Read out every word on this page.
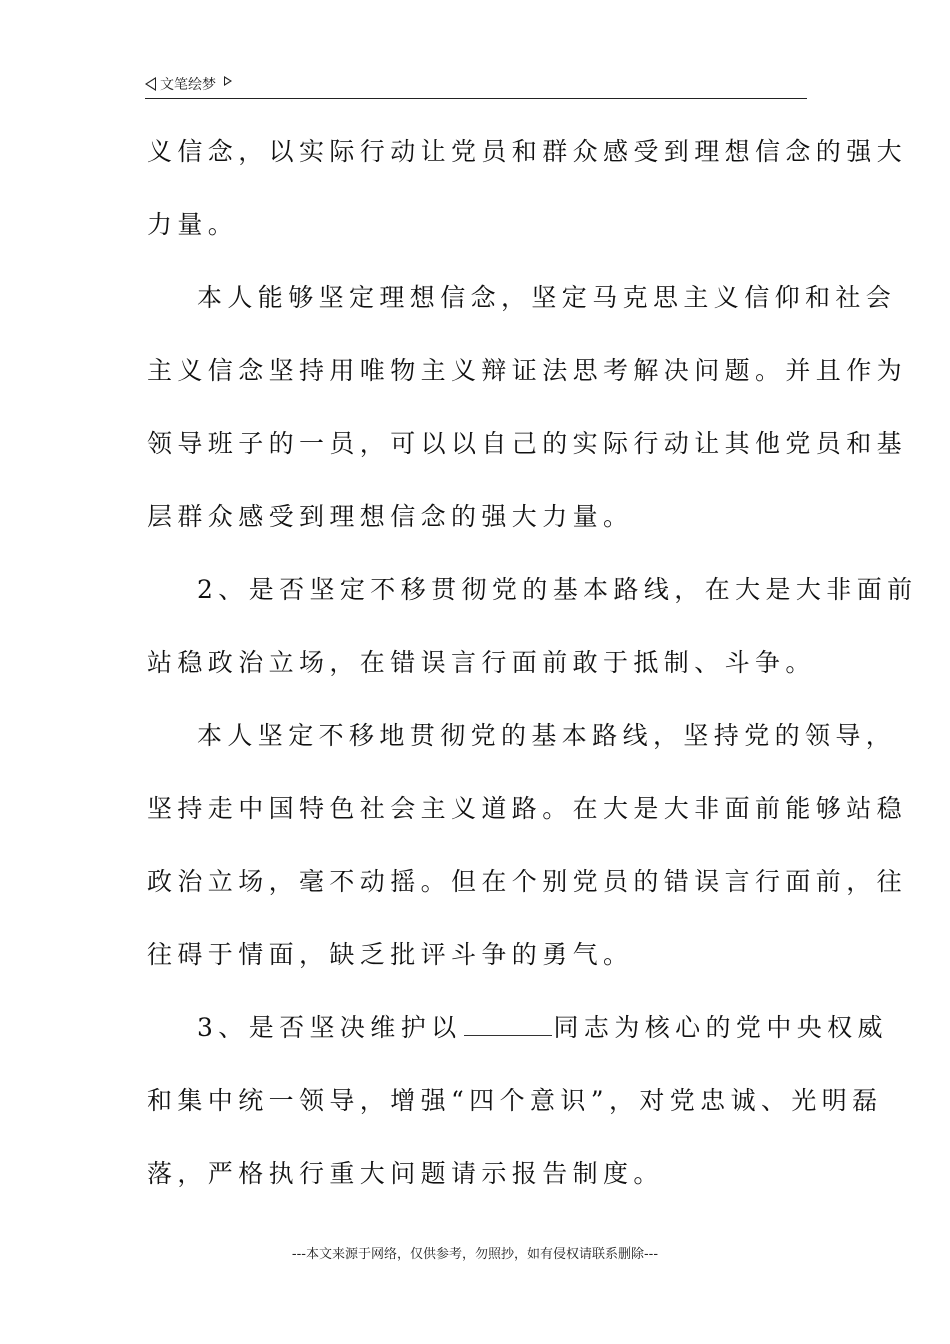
文笔绘梦
义信念，以实际行动让党员和群众感受到理想信念的强大
力量。
本人能够坚定理想信念，坚定马克思主义信仰和社会
主义信念坚持用唯物主义辩证法思考解决问题。并且作为
领导班子的一员，可以以自己的实际行动让其他党员和基
层群众感受到理想信念的强大力量。
2、是否坚定不移贯彻党的基本路线，在大是大非面前
站稳政治立场，在错误言行面前敢于抵制、斗争。
本人坚定不移地贯彻党的基本路线，坚持党的领导，
坚持走中国特色社会主义道路。在大是大非面前能够站稳
政治立场，毫不动摇。但在个别党员的错误言行面前，往
往碍于情面，缺乏批评斗争的勇气。
3、是否坚决维护以	同志为核心的党中央权威
和集中统一领导，增强“四个意识”，对党忠诚、光明磊
落，严格执行重大问题请示报告制度。
---本文来源于网络，仅供参考，勿照抄，如有侵权请联系删除---
